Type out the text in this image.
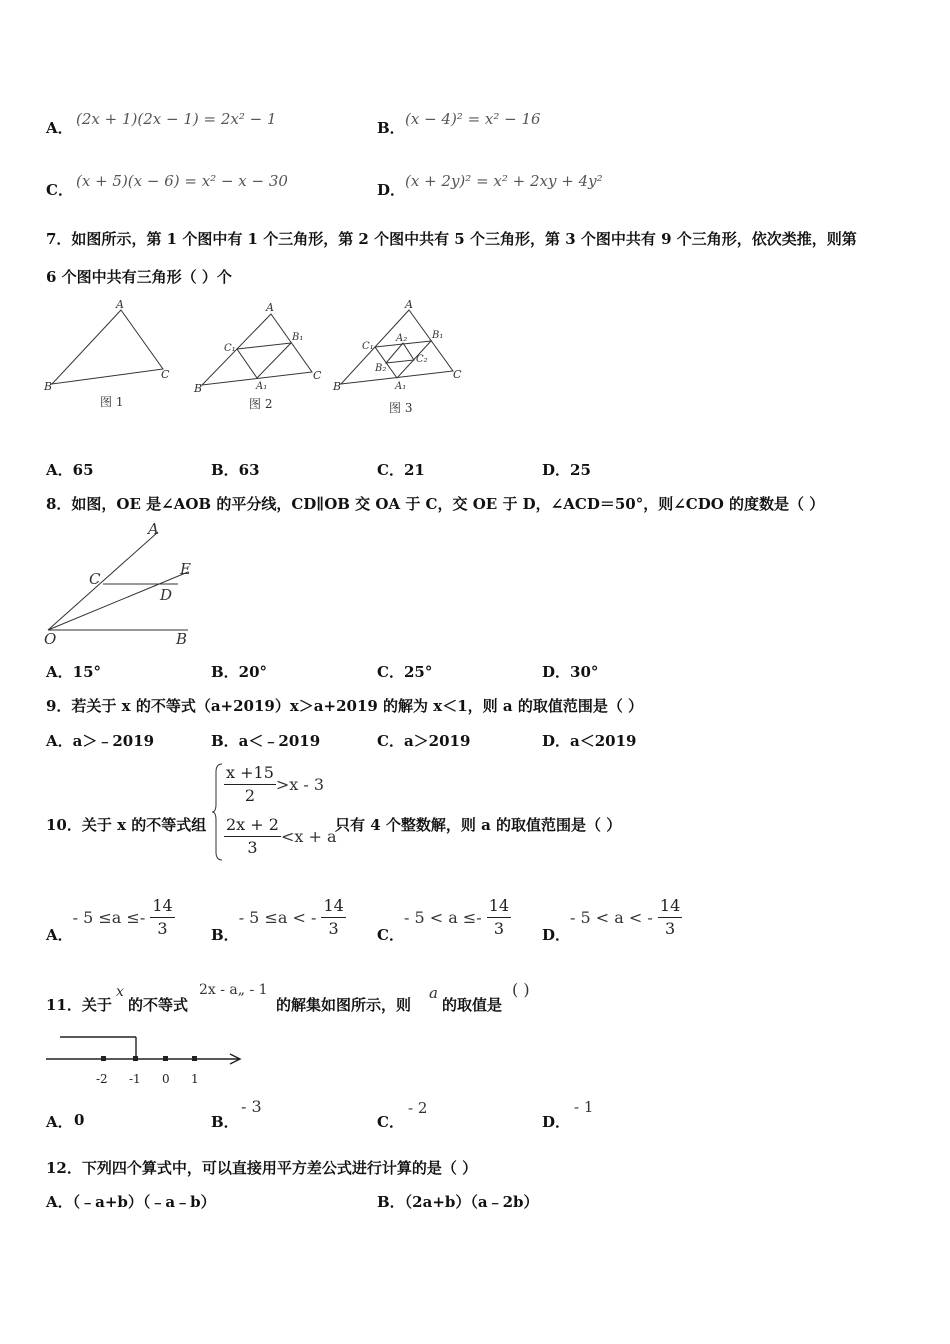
A． (2x + 1)(2x − 1) = 2x² − 1	B． (x − 4)² = x² − 16
C． (x + 5)(x − 6) = x² − x − 30	D． (x + 2y)² = x² + 2xy + 4y²
7．如图所示，第 1 个图中有 1 个三角形，第 2 个图中共有 5 个三角形，第 3 个图中共有 9 个三角形，依次类推，则第
6 个图中共有三角形（ ）个
A
B
C
图 1
A
B
C
C₁
B₁
A₁
图 2
A
B
C
C₁
B₁
A₁
A₂
B₂
C₂
图 3
A．65	B．63	C．21	D．25
8．如图，OE 是∠AOB 的平分线，CD∥OB 交 OA 于 C，交 OE 于 D，∠ACD＝50°，则∠CDO 的度数是（ ）
A
E
C
D
O	B
A．15°	B．20°	C．25°	D．30°
9．若关于 x 的不等式（a+2019）x＞a+2019 的解为 x＜1，则 a 的取值范围是（ ）
A．a＞﹣2019	B．a＜﹣2019	C．a＞2019	D．a＜2019
10．关于 x 的不等式组
$\frac{x +15}{2} >x - 3$
$\frac{2x + 2}{3} <x + a$
只有 4 个整数解，则 a 的取值范围是（ ）
A．- $5 \le a \le- \frac{14}{3}$ B．- 5 ≤a < - $\frac{14}{3}$ C．- $5 < a \le- \frac{14}{3}$ D．- 5 < a < - $\frac{14}{3}$
11．关于
x
的不等式
2x - a„ - 1
的解集如图所示，则
a
的取值是
( )
-2 -1 0 1
A． 0	B．
- 3
C．
- 2
D．
- 1
12．下列四个算式中，可以直接用平方差公式进行计算的是（ ）
A．（﹣a+b）（﹣a﹣b）	B．（2a+b）（a﹣2b）
